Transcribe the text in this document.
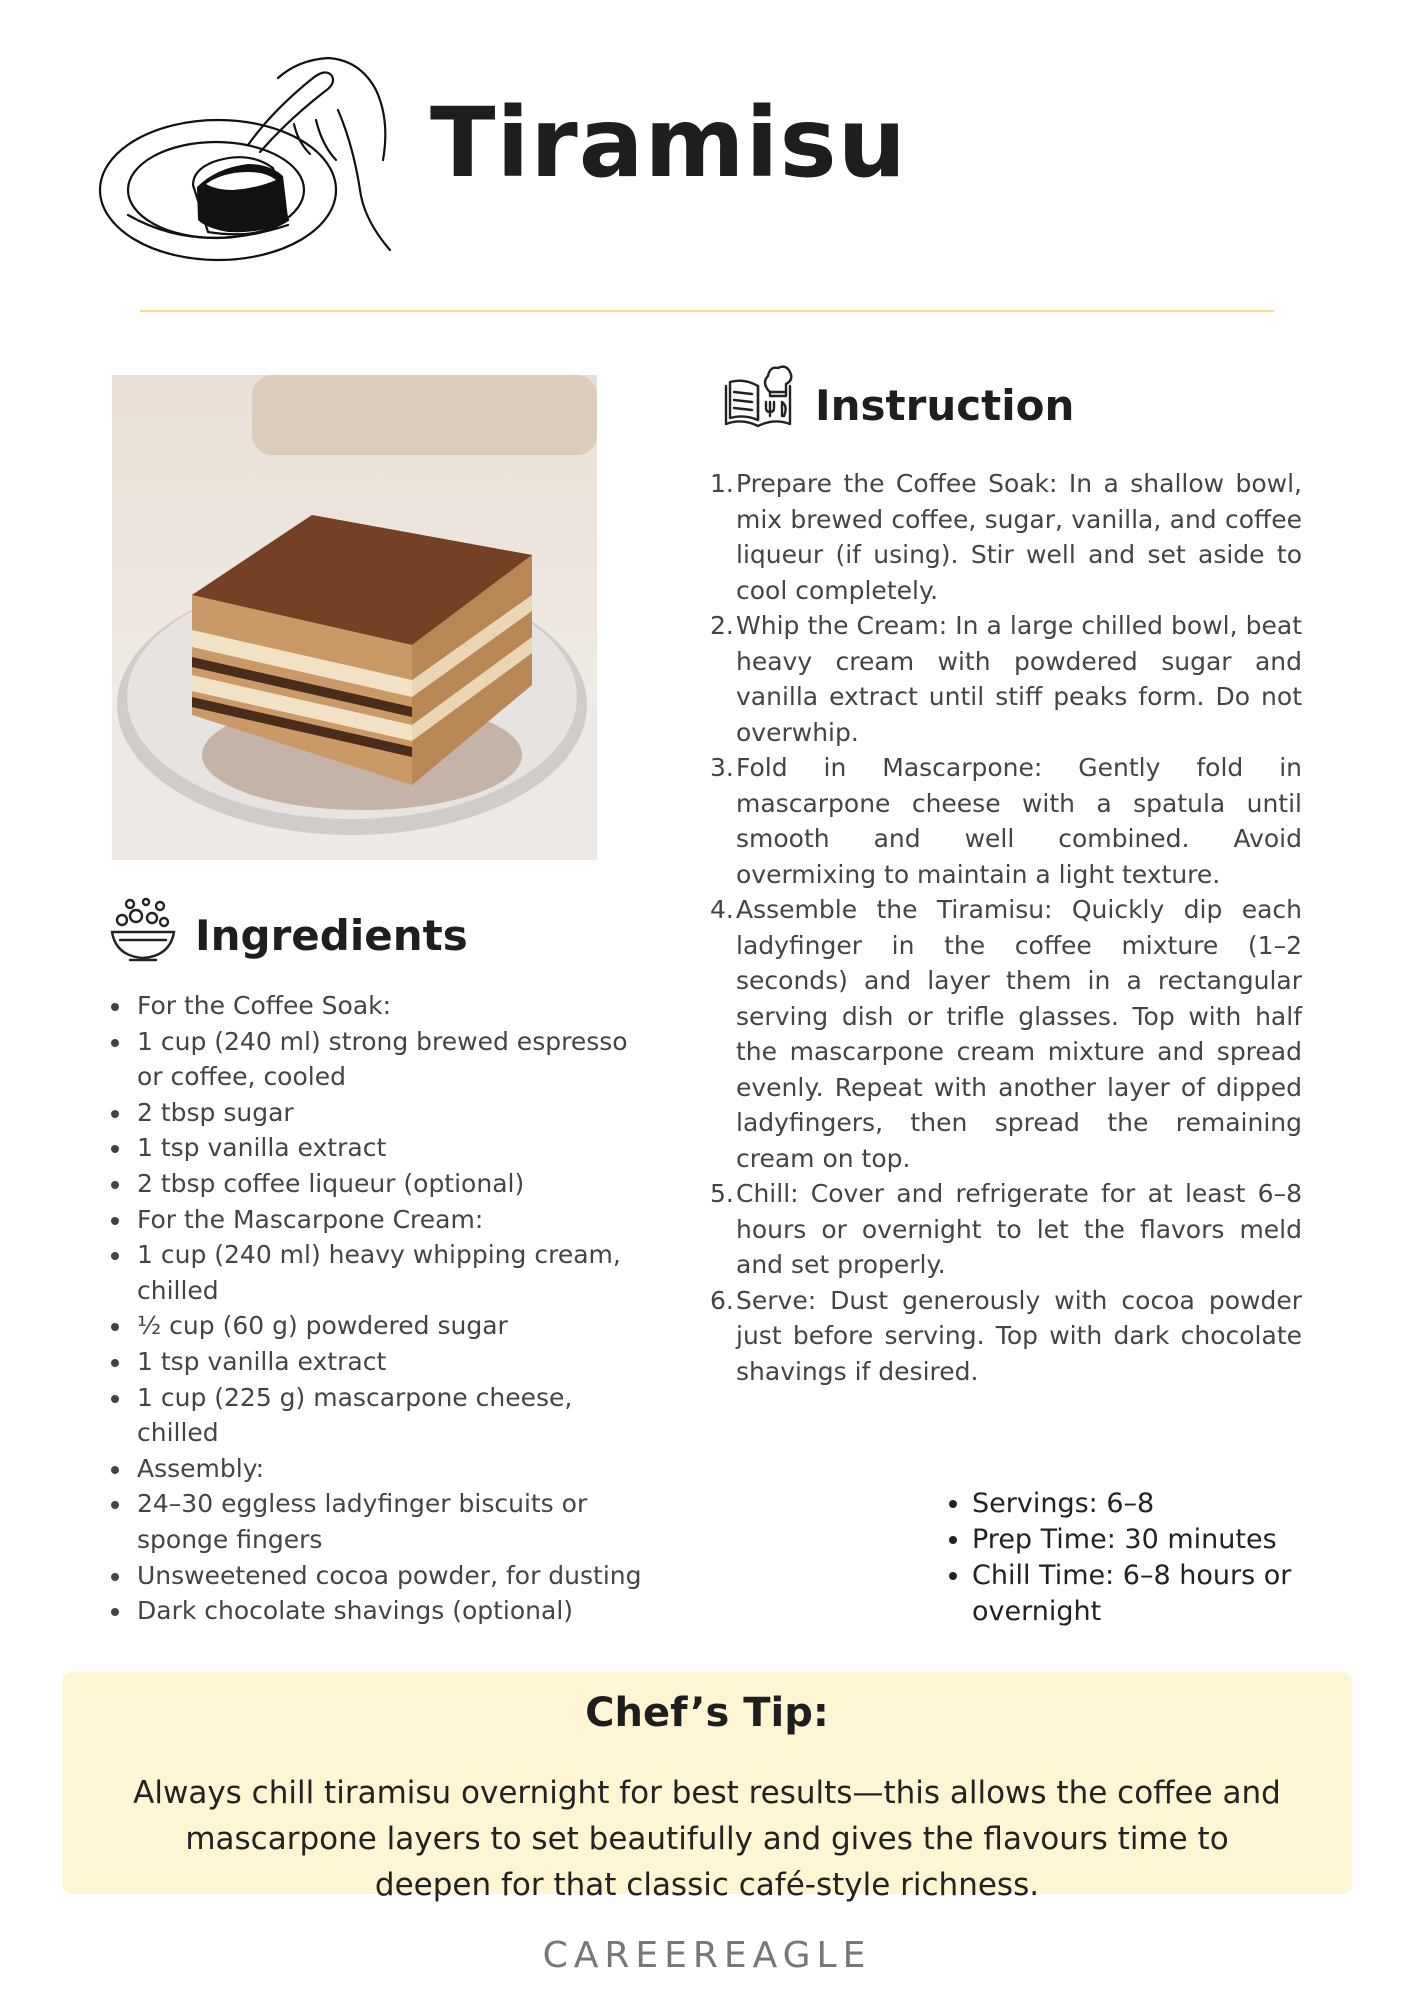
Tiramisu
Ingredients
• For the Coffee Soak:
• 1 cup (240 ml) strong brewed espresso or coffee, cooled
• 2 tbsp sugar
• 1 tsp vanilla extract
• 2 tbsp coffee liqueur (optional)
• For the Mascarpone Cream:
• 1 cup (240 ml) heavy whipping cream, chilled
• ½ cup (60 g) powdered sugar
• 1 tsp vanilla extract
• 1 cup (225 g) mascarpone cheese, chilled
• Assembly:
• 24–30 eggless ladyfinger biscuits or sponge fingers
• Unsweetened cocoa powder, for dusting
• Dark chocolate shavings (optional)
Instruction
1. Prepare the Coffee Soak: In a shallow bowl, mix brewed coffee, sugar, vanilla, and coffee liqueur (if using). Stir well and set aside to cool completely.
2. Whip the Cream: In a large chilled bowl, beat heavy cream with powdered sugar and vanilla extract until stiff peaks form. Do not overwhip.
3. Fold in Mascarpone: Gently fold in mascarpone cheese with a spatula until smooth and well combined. Avoid overmixing to maintain a light texture.
4. Assemble the Tiramisu: Quickly dip each ladyfinger in the coffee mixture (1–2 seconds) and layer them in a rectangular serving dish or trifle glasses. Top with half the mascarpone cream mixture and spread evenly. Repeat with another layer of dipped ladyfingers, then spread the remaining cream on top.
5. Chill: Cover and refrigerate for at least 6–8 hours or overnight to let the flavors meld and set properly.
6. Serve: Dust generously with cocoa powder just before serving. Top with dark chocolate shavings if desired.
• Servings: 6–8
• Prep Time: 30 minutes
• Chill Time: 6–8 hours or overnight
Chef’s Tip:
Always chill tiramisu overnight for best results—this allows the coffee and mascarpone layers to set beautifully and gives the flavours time to deepen for that classic café-style richness.
CAREEREAGLE
